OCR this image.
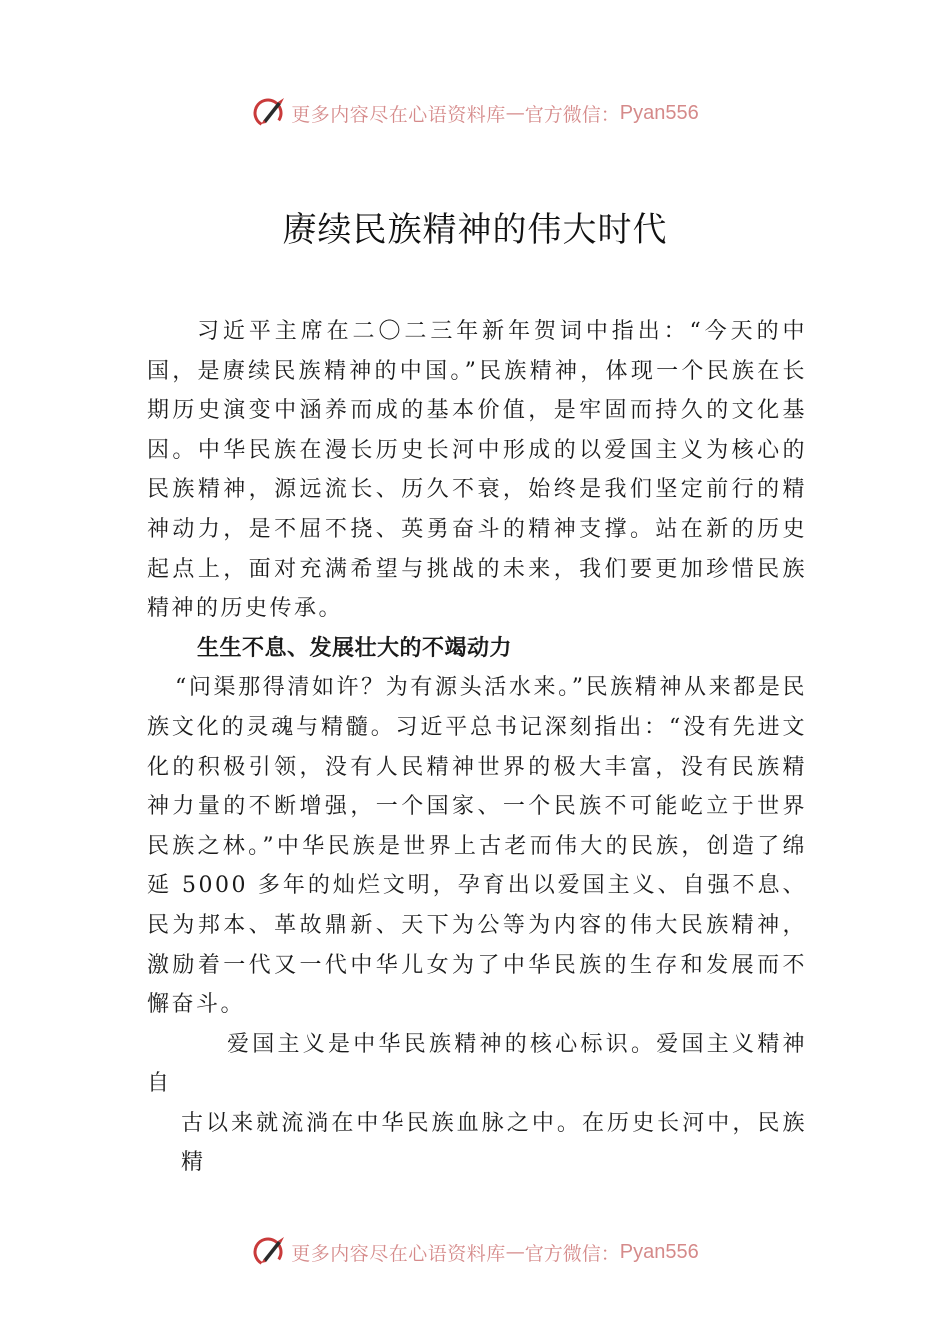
更多内容尽在心语资料库 — 官方微信： Pyan556
赓续民族精神的伟大时代

习近平主席在二〇二三年新年贺词中指出：“今天的中国，是赓续民族精神的中国。”民族精神，体现一个民族在长期历史演变中涵养而成的基本价值，是牢固而持久的文化基因。中华民族在漫长历史长河中形成的以爱国主义为核心的民族精神，源远流长、历久不衰，始终是我们坚定前行的精神动力，是不屈不挠、英勇奋斗的精神支撑。站在新的历史起点上，面对充满希望与挑战的未来，我们要更加珍惜民族精神的历史传承。

生生不息、发展壮大的不竭动力

“问渠那得清如许？为有源头活水来。”民族精神从来都是民族文化的灵魂与精髓。习近平总书记深刻指出：“没有先进文化的积极引领，没有人民精神世界的极大丰富，没有民族精神力量的不断增强，一个国家、一个民族不可能屹立于世界民族之林。”中华民族是世界上古老而伟大的民族，创造了绵延 5000 多年的灿烂文明，孕育出以爱国主义、自强不息、民为邦本、革故鼎新、天下为公等为内容的伟大民族精神，激励着一代又一代中华儿女为了中华民族的生存和发展而不懈奋斗。

爱国主义是中华民族精神的核心标识。爱国主义精神自

古以来就流淌在中华民族血脉之中。在历史长河中，民族精

更多内容尽在心语资料库 — 官方微信： Pyan556
